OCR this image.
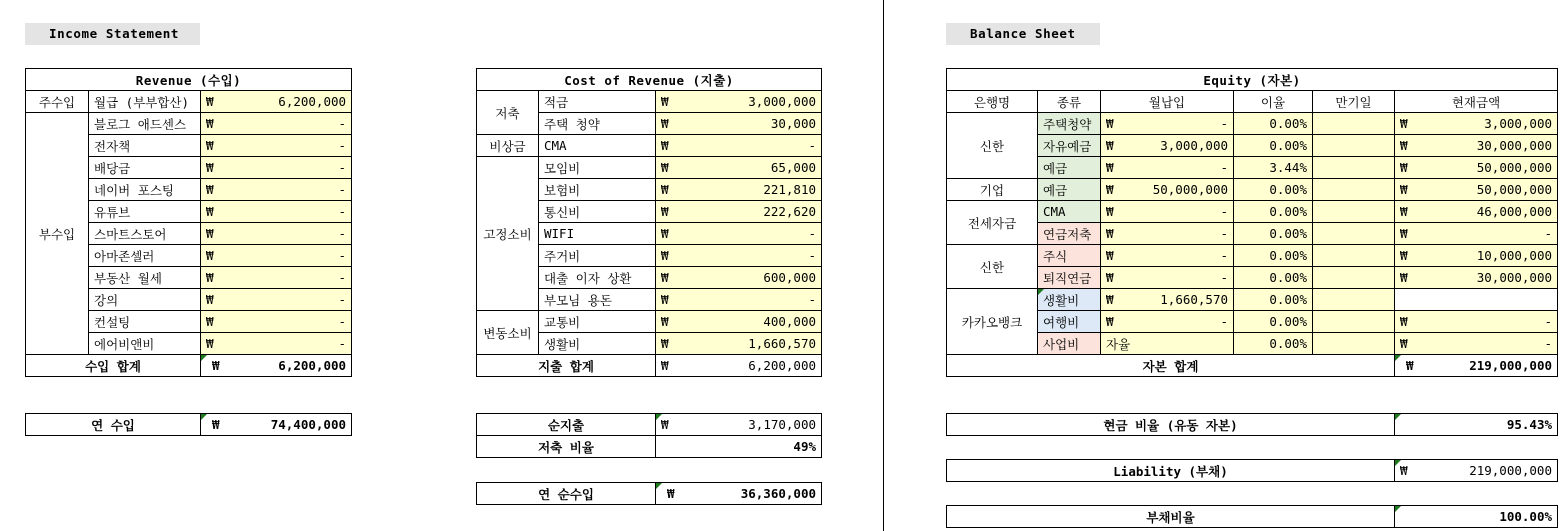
Income Statement	Balance Sheet
Revenue (수입)		
주수입	월급 (부부합산)	₩ 6,200,000

부수입	블로그 애드센스	₩ -

	전자책	₩ -

	배당금	₩ -

	네이버 포스팅	₩ -

	유튜브	₩ -

	스마트스토어	₩ -

	아마존셀러	₩ -

	부동산 월세	₩ -

	강의	₩ -

	컨설팅	₩ -

	에어비앤비	₩ -

수입 합계		₩ 6,200,000
연 수입	₩	74,400,000
Cost of Revenue (지출)		
저축	적금	₩ 3,000,000

	주택 청약	₩ 30,000

비상금	CMA	₩ -

고정소비	모임비	₩ 65,000

	보험비	₩ 221,810

	통신비	₩ 222,620

	WIFI	₩ -

	주거비	₩ -

	대출 이자 상환	₩ 600,000

	부모님 용돈	₩ -

변동소비	교통비	₩ 400,000

	생활비	₩ 1,660,570

지출 합계		₩ 6,200,000
순지출	₩ 3,170,000

저축 비율	49%
연 순수입	₩	36,360,000
Equity (자본)					
은행명	종류	월납입	이율	만기일	현재금액
신한	주택청약	₩ -	0.00%		₩ 3,000,000

	자유예금	₩ 3,000,000	0.00%		₩ 30,000,000

	예금	₩ -	3.44%		₩ 50,000,000

기업	예금	₩ 50,000,000	0.00%		₩ 50,000,000

전세자금	CMA	₩ -	0.00%		₩ 46,000,000

	연금저축	₩ -	0.00%		₩ -

신한	주식	₩ -	0.00%		₩ 10,000,000

	퇴직연금	₩ -	0.00%		₩ 30,000,000

카카오뱅크	생활비	₩ 1,660,570	0.00%		
	여행비	₩ -	0.00%		₩ -

	사업비	자율	0.00%		₩ -

자본 합계					₩ 219,000,000
현금 비율 (유동 자본)	95.43%
Liability (부채)	₩	219,000,000
부채비율	100.00%
